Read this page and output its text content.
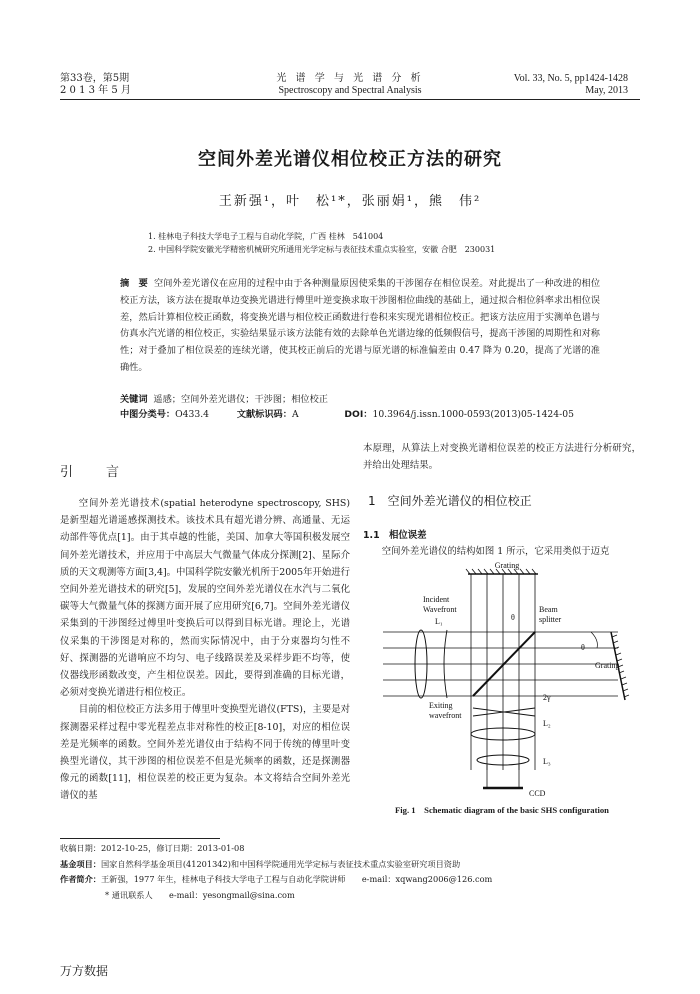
第33卷，第5期
2 0 1 3 年 5 月
光 谱 学 与 光 谱 分 析
Spectroscopy and Spectral Analysis
Vol. 33, No. 5, pp1424-1428
May, 2013
空间外差光谱仪相位校正方法的研究
王新强¹，叶　松¹*，张丽娟¹，熊　伟²
1. 桂林电子科技大学电子工程与自动化学院，广西 桂林　541004
2. 中国科学院安徽光学精密机械研究所通用光学定标与表征技术重点实验室，安徽 合肥　230031
摘　要 空间外差光谱仪在应用的过程中由于各种测量原因使采集的干涉图存在相位误差。对此提出了一种改进的相位校正方法，该方法在提取单边变换光谱进行傅里叶逆变换求取干涉图相位曲线的基础上，通过拟合相位斜率求出相位误差，然后计算相位校正函数，将变换光谱与相位校正函数进行卷积来实现光谱相位校正。把该方法应用于实测单色谱与仿真水汽光谱的相位校正，实验结果显示该方法能有效的去除单色光谱边缘的低频假信号，提高干涉图的周期性和对称性；对于叠加了相位误差的连续光谱，使其校正前后的光谱与原光谱的标准偏差由 0.47 降为 0.20，提高了光谱的准确性。
关键词 遥感；空间外差光谱仪；干涉图；相位校正
中图分类号：O433.4	文献标识码：A	DOI：10.3964/j.issn.1000-0593(2013)05-1424-05
引　言
空间外差光谱技术(spatial heterodyne spectroscopy, SHS)是新型超光谱遥感探测技术。该技术具有超光谱分辨、高通量、无运动部件等优点[1]。由于其卓越的性能，美国、加拿大等国积极发展空间外差光谱技术，并应用于中高层大气微量气体成分探测[2]、星际介质的天文观测等方面[3,4]。中国科学院安徽光机所于2005年开始进行空间外差光谱技术的研究[5]，发展的空间外差光谱仪在水汽与二氧化碳等大气微量气体的探测方面开展了应用研究[6,7]。空间外差光谱仪采集到的干涉图经过傅里叶变换后可以得到目标光谱。理论上，光谱仪采集的干涉图是对称的，然而实际情况中，由于分束器均匀性不好、探测器的光谱响应不均匀、电子线路误差及采样步距不均等，使仪器线形函数改变，产生相位误差。因此，要得到准确的目标光谱，必须对变换光谱进行相位校正。
目前的相位校正方法多用于傅里叶变换型光谱仪(FTS)，主要是对探测器采样过程中零光程差点非对称性的校正[8-10]，对应的相位误差是光频率的函数。空间外差光谱仪由于结构不同于传统的傅里叶变换型光谱仪，其干涉图的相位误差不但是光频率的函数，还是探测器像元的函数[11]，相位误差的校正更为复杂。本文将结合空间外差光谱仪的基
本原理，从算法上对变换光谱相位误差的校正方法进行分析研究，并给出处理结果。
1　空间外差光谱仪的相位校正
1.1　相位误差
空间外差光谱仪的结构如图 1 所示，它采用类似于迈克
Grating
Incident
Wavefront
L₁	θ
Beam
splitter
θ
Grating
2γ
Exiting
wavefront
L₂
L₃
CCD
Fig. 1　Schematic diagram of the basic SHS configuration
收稿日期：2012-10-25，修订日期：2013-01-08
基金项目：国家自然科学基金项目(41201342)和中国科学院通用光学定标与表征技术重点实验室研究项目资助
作者简介：王新强，1977 年生，桂林电子科技大学电子工程与自动化学院讲师　　e-mail：xqwang2006@126.com
* 通讯联系人　　e-mail：yesongmail@sina.com
万方数据
